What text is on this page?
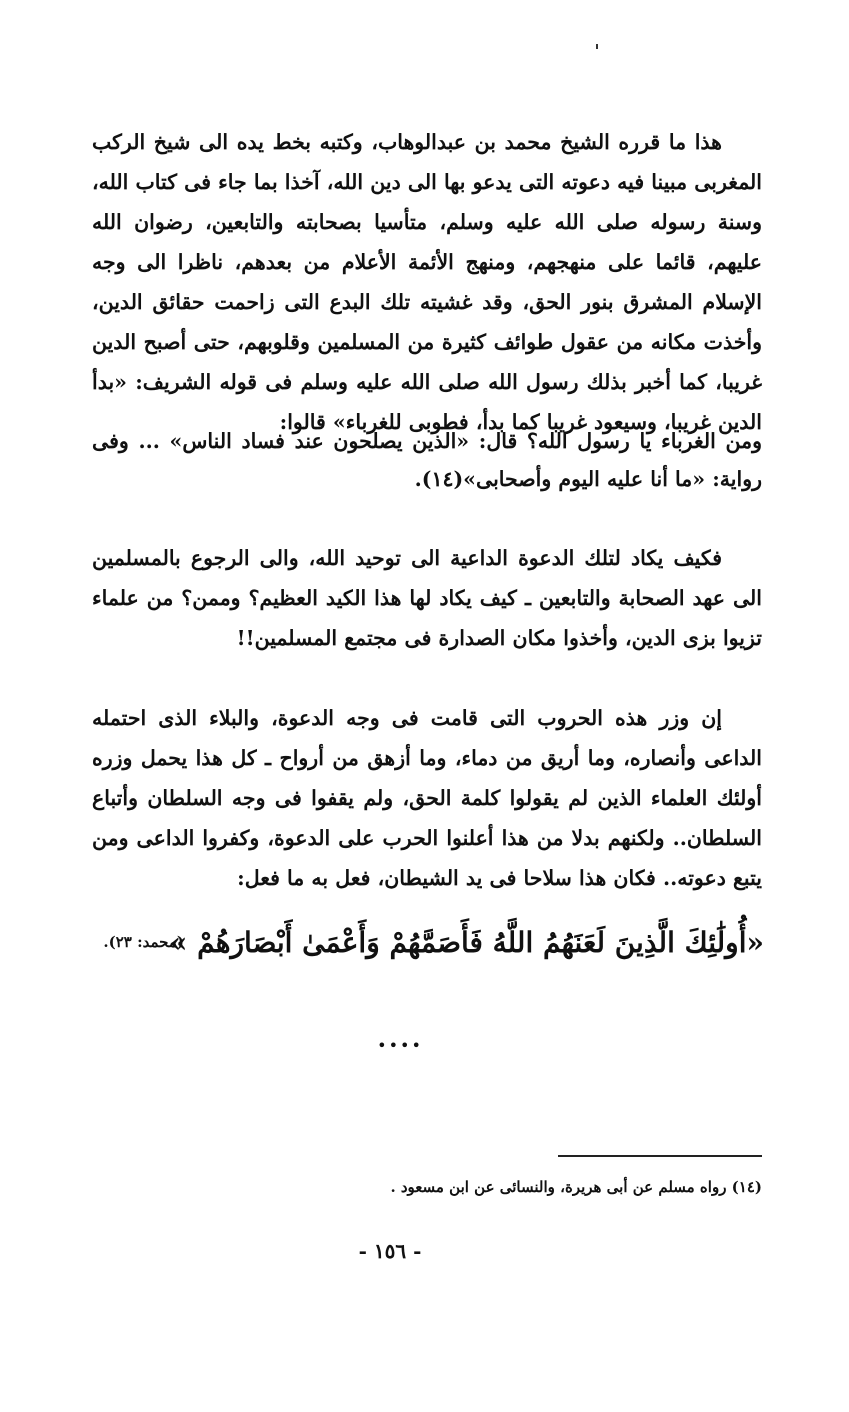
هذا ما قرره الشيخ محمد بن عبدالوهاب، وكتبه بخط يده الى شيخ الركب المغربى مبينا فيه دعوته التى يدعو بها الى دين الله، آخذا بما جاء فى كتاب الله، وسنة رسوله صلى الله عليه وسلم، متأسيا بصحابته والتابعين، رضوان الله عليهم، قائما على منهجهم، ومنهج الأئمة الأعلام من بعدهم، ناظرا الى وجه الإسلام المشرق بنور الحق، وقد غشيته تلك البدع التى زاحمت حقائق الدين، وأخذت مكانه من عقول طوائف كثيرة من المسلمين وقلوبهم، حتى أصبح الدين غريبا، كما أخبر بذلك رسول الله صلى الله عليه وسلم فى قوله الشريف: «بدأ الدين غريبا، وسيعود غريبا كما بدأ، فطوبى للغرباء» قالوا:

ومن الغرباء يا رسول الله؟ قال: «الذين يصلحون عند فساد الناس» ... وفى رواية: «ما أنا عليه اليوم وأصحابى»(١٤).

فكيف يكاد لتلك الدعوة الداعية الى توحيد الله، والى الرجوع بالمسلمين الى عهد الصحابة والتابعين ـ كيف يكاد لها هذا الكيد العظيم؟ وممن؟ من علماء تزيوا بزى الدين، وأخذوا مكان الصدارة فى مجتمع المسلمين!!

إن وزر هذه الحروب التى قامت فى وجه الدعوة، والبلاء الذى احتمله الداعى وأنصاره، وما أريق من دماء، وما أزهق من أرواح ـ كل هذا يحمل وزره أولئك العلماء الذين لم يقولوا كلمة الحق، ولم يقفوا فى وجه السلطان وأتباع السلطان.. ولكنهم بدلا من هذا أعلنوا الحرب على الدعوة، وكفروا الداعى ومن يتبع دعوته.. فكان هذا سلاحا فى يد الشيطان، فعل به ما فعل:

«أُولَٰئِكَ الَّذِينَ لَعَنَهُمُ اللَّهُ فَأَصَمَّهُمْ وَأَعْمَىٰ أَبْصَارَهُمْ »
(محمد: ٢٣).
••••
(١٤) رواه مسلم عن أبى هريرة، والنسائى عن ابن مسعود .
- ١٥٦ -
